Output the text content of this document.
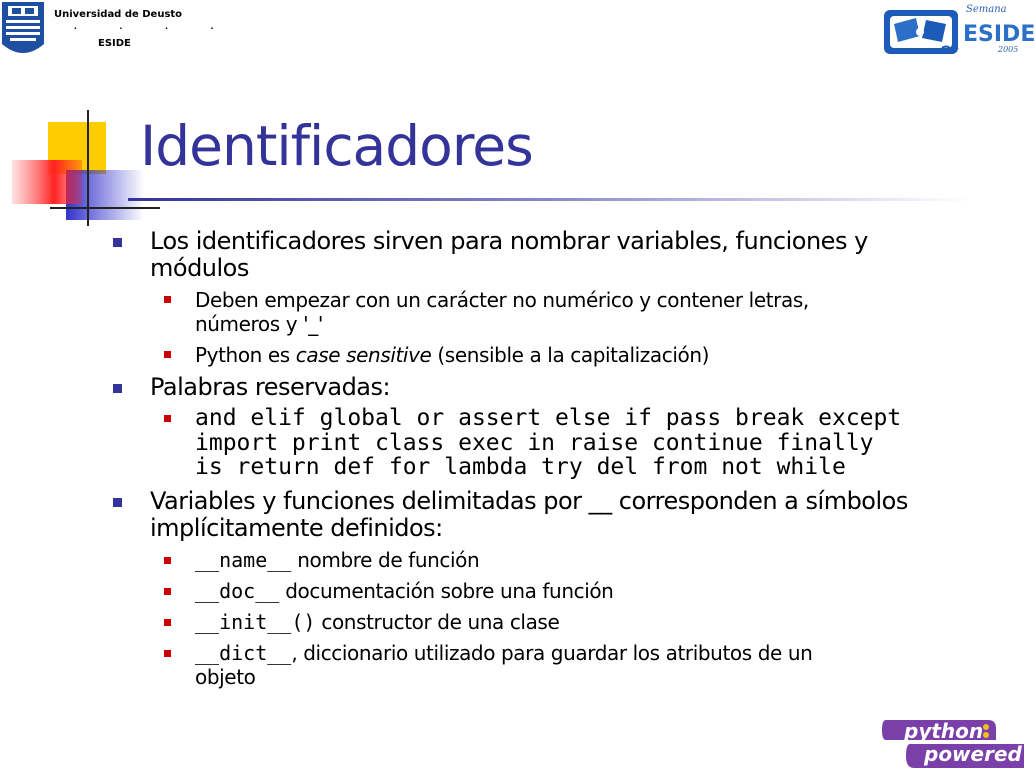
Universidad de Deusto
. . . .
ESIDE
Semana
ESIDE
2005
Identificadores

Los identificadores sirven para nombrar variables, funciones y
módulos

Deben empezar con un carácter no numérico y contener letras,
números y '_'

Python es case sensitive (sensible a la capitalización)

Palabras reservadas:

and elif global or assert else if pass break except
import print class exec in raise continue finally
is return def for lambda try del from not while

Variables y funciones delimitadas por __ corresponden a símbolos
implícitamente definidos:

__name__ nombre de función

__doc__ documentación sobre una función

__init__() constructor de una clase

__dict__, diccionario utilizado para guardar los atributos de un
objeto

python
powered
